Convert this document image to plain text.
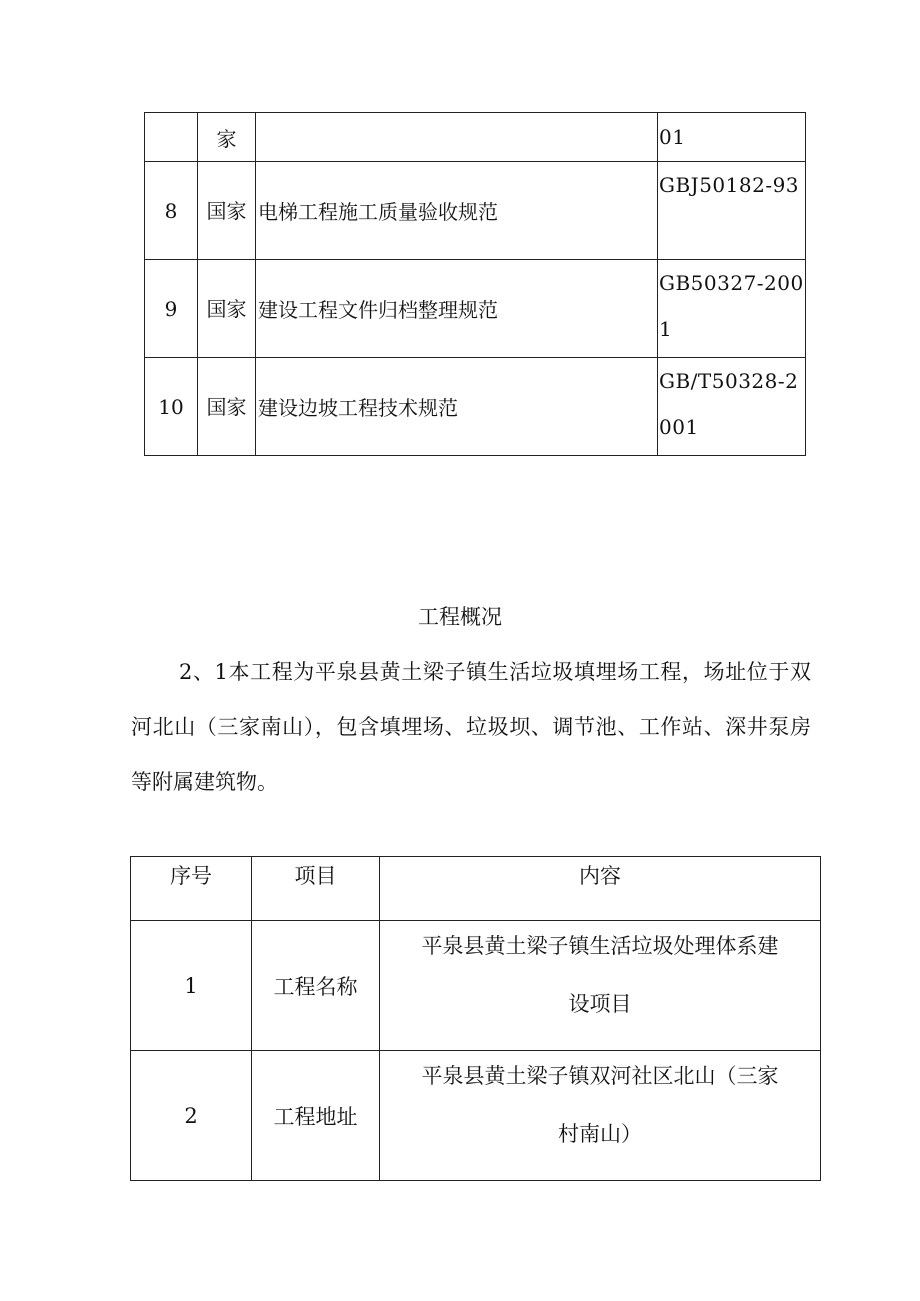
	家		01
8	国家	电梯工程施工质量验收规范	GBJ50182-93
9	国家	建设工程文件归档整理规范	GB50327-2001
10	国家	建设边坡工程技术规范	GB/T50328-2001
工程概况
2、1本工程为平泉县黄土梁子镇生活垃圾填埋场工程，场址位于双河北山（三家南山），包含填埋场、垃圾坝、调节池、工作站、深井泵房等附属建筑物。
序号	项目	内容
1	工程名称	平泉县黄土梁子镇生活垃圾处理体系建
设项目

2	工程地址	平泉县黄土梁子镇双河社区北山（三家
村南山）
